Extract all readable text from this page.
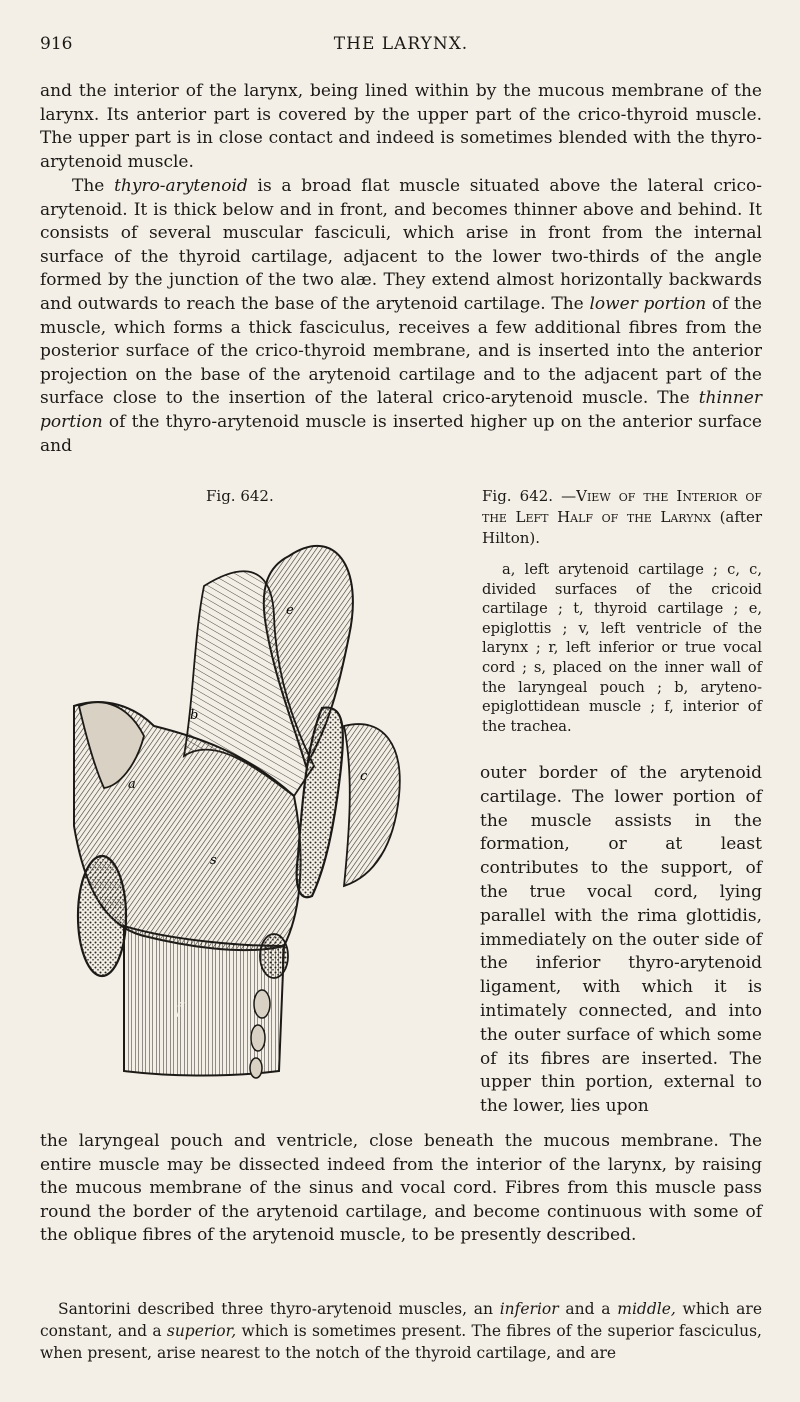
916	THE LARYNX.

and the interior of the larynx, being lined within by the mucous membrane of the larynx. Its anterior part is covered by the upper part of the crico-thyroid muscle. The upper part is in close contact and indeed is sometimes blended with the thyro-arytenoid muscle.

The thyro-arytenoid is a broad flat muscle situated above the lateral crico-arytenoid. It is thick below and in front, and becomes thinner above and behind. It consists of several muscular fasciculi, which arise in front from the internal surface of the thyroid cartilage, adjacent to the lower two-thirds of the angle formed by the junction of the two alæ. They extend almost horizontally backwards and outwards to reach the base of the arytenoid cartilage. The lower portion of the muscle, which forms a thick fasciculus, receives a few additional fibres from the posterior surface of the crico-thyroid membrane, and is inserted into the anterior projection on the base of the arytenoid cartilage and to the adjacent part of the surface close to the insertion of the lateral crico-arytenoid muscle. The thinner portion of the thyro-arytenoid muscle is inserted higher up on the anterior surface and

Fig. 642.	Fig. 642. —View of the Interior of the Left Half of the Larynx (after Hilton).

a, left arytenoid cartilage ; c, c, divided surfaces of the cricoid cartilage ; t, thyroid cartilage ; e, epiglottis ; v, left ventricle of the larynx ; r, left inferior or true vocal cord ; s, placed on the inner wall of the laryngeal pouch ; b, aryteno-epiglottidean muscle ; f, interior of the trachea.

e
b
a
s
c
f

outer border of the arytenoid cartilage. The lower portion of the muscle assists in the formation, or at least contributes to the support, of the true vocal cord, lying parallel with the rima glottidis, immediately on the outer side of the inferior thyro-arytenoid ligament, with which it is intimately connected, and into the outer surface of which some of its fibres are inserted. The upper thin portion, external to the lower, lies upon

the laryngeal pouch and ventricle, close beneath the mucous membrane. The entire muscle may be dissected indeed from the interior of the larynx, by raising the mucous membrane of the sinus and vocal cord. Fibres from this muscle pass round the border of the arytenoid cartilage, and become continuous with some of the oblique fibres of the arytenoid muscle, to be presently described.

Santorini described three thyro-arytenoid muscles, an inferior and a middle, which are constant, and a superior, which is sometimes present. The fibres of the superior fasciculus, when present, arise nearest to the notch of the thyroid cartilage, and are
